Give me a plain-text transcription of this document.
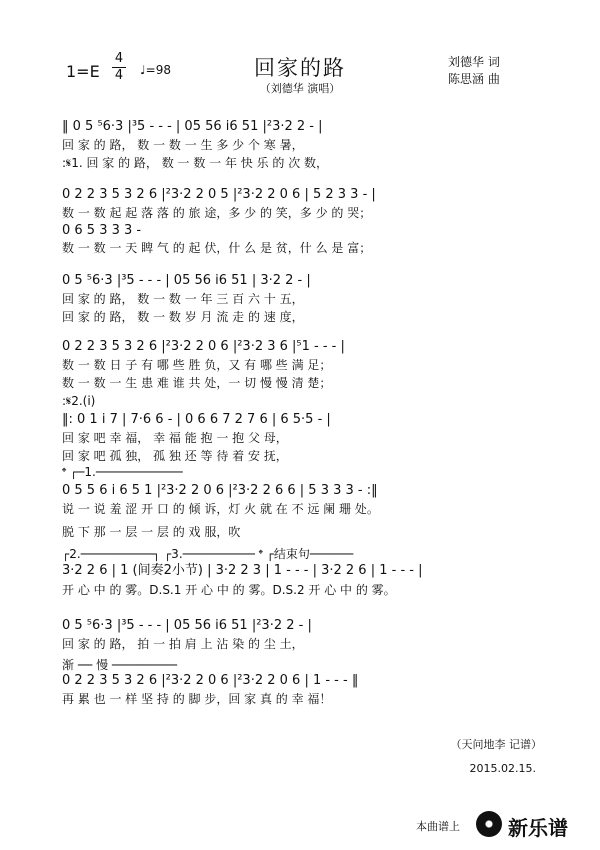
1=E
4
4 ♩=98	回家的路
（刘德华 演唱）
刘德华 词
陈思涵 曲
‖ 0 5 ⁵6·3 |³5 - - - | 05 56 i6 51 |²3·2 2 - |
回 家 的 路， 数 一 数 一 生 多 少 个 寒 暑，
:𝄋1. 回 家 的 路， 数 一 数 一 年 快 乐 的 次 数，
0 2 2 3 5 3 2 6 |²3·2 2 0 5 |²3·2 2 0 6 | 5 2 3 3 - |
数 一 数 起 起 落 落 的 旅 途，多 少 的 笑，多 少 的 哭；
0 6 5 3 3 3 -
数 一 数 一 天 睥 气 的 起 伏，什 么 是 贫，什 么 是 富；
0 5 ⁵6·3 |³5 - - - | 05 56 i6 51 | 3·2 2 - |
回 家 的 路， 数 一 数 一 年 三 百 六 十 五，
回 家 的 路， 数 一 数 岁 月 流 走 的 速 度，
0 2 2 3 5 3 2 6 |²3·2 2 0 6 |²3·2 3 6 |⁵1 - - - |
数 一 数 日 子 有 哪 些 胜 负，又 有 哪 些 满 足；
数 一 数 一 生 患 难 谁 共 处，一 切 慢 慢 清 楚；
:𝄋2.(i)
‖: 0 1 i 7 | 7·6 6 - | 0 6 6 7 2 7 6 | 6 5·5 - |
回 家 吧 幸 福， 幸 福 能 抱 一 抱 父 母，
回 家 吧 孤 独， 孤 独 还 等 待 着 安 抚，
𝄌 ┌─1.────────────
0 5 5 6 i 6 5 1 |²3·2 2 0 6 |²3·2 2 6 6 | 5 3 3 3 - :‖
说 一 说 羞 涩 开 口 的 倾 诉，灯 火 就 在 不 远 阑 珊 处。
脱 下 那 一 层 一 层 的 戏 服，吹
┌2.──────────┐ ┌3.────────── 𝄌 ┌结束句──────
3·2 2 6 | 1 (间奏2小节) | 3·2 2 3 | 1 - - - | 3·2 2 6 | 1 - - - |
开 心 中 的 雾。D.S.1 开 心 中 的 雾。D.S.2 开 心 中 的 雾。
0 5 ⁵6·3 |³5 - - - | 05 56 i6 51 |²3·2 2 - |
回 家 的 路， 拍 一 拍 肩 上 沾 染 的 尘 土，
渐 ── 慢 ─────────
0 2 2 3 5 3 2 6 |²3·2 2 0 6 |²3·2 2 0 6 | 1 - - - ‖
再 累 也 一 样 坚 持 的 脚 步，回 家 真 的 幸 福！
（天问地李 记谱）
2015.02.15.
本曲谱上 新乐谱
